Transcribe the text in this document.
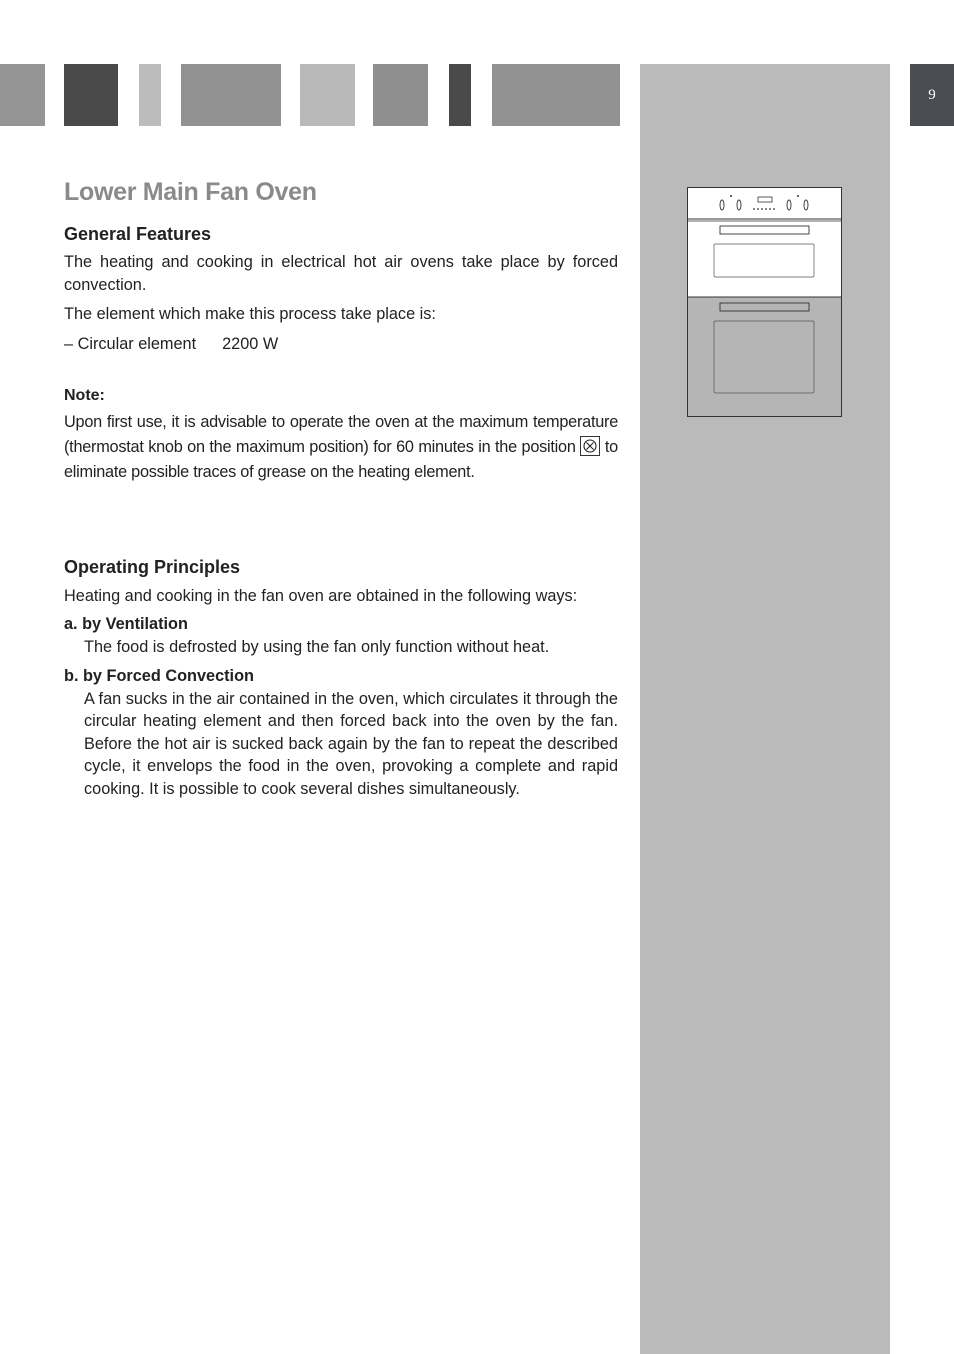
9
Lower Main Fan Oven
General Features

The heating and cooking in electrical hot air ovens take place by forced convection.

The element which make this process take place is:

– Circular element 2200 W

Note:

Upon first use, it is advisable to operate the oven at the maximum temperature (thermostat knob on the maximum position) for 60 minutes in the position to eliminate possible traces of grease on the heating element.

Operating Principles

Heating and cooking in the fan oven are obtained in the following ways:

a. by Ventilation

The food is defrosted by using the fan only function without heat.

b. by Forced Convection

A fan sucks in the air contained in the oven, which circulates it through the circular heating element and then forced back into the oven by the fan. Before the hot air is sucked back again by the fan to repeat the described cycle, it envelops the food in the oven, provoking a complete and rapid cooking. It is possible to cook several dishes simultaneously.
